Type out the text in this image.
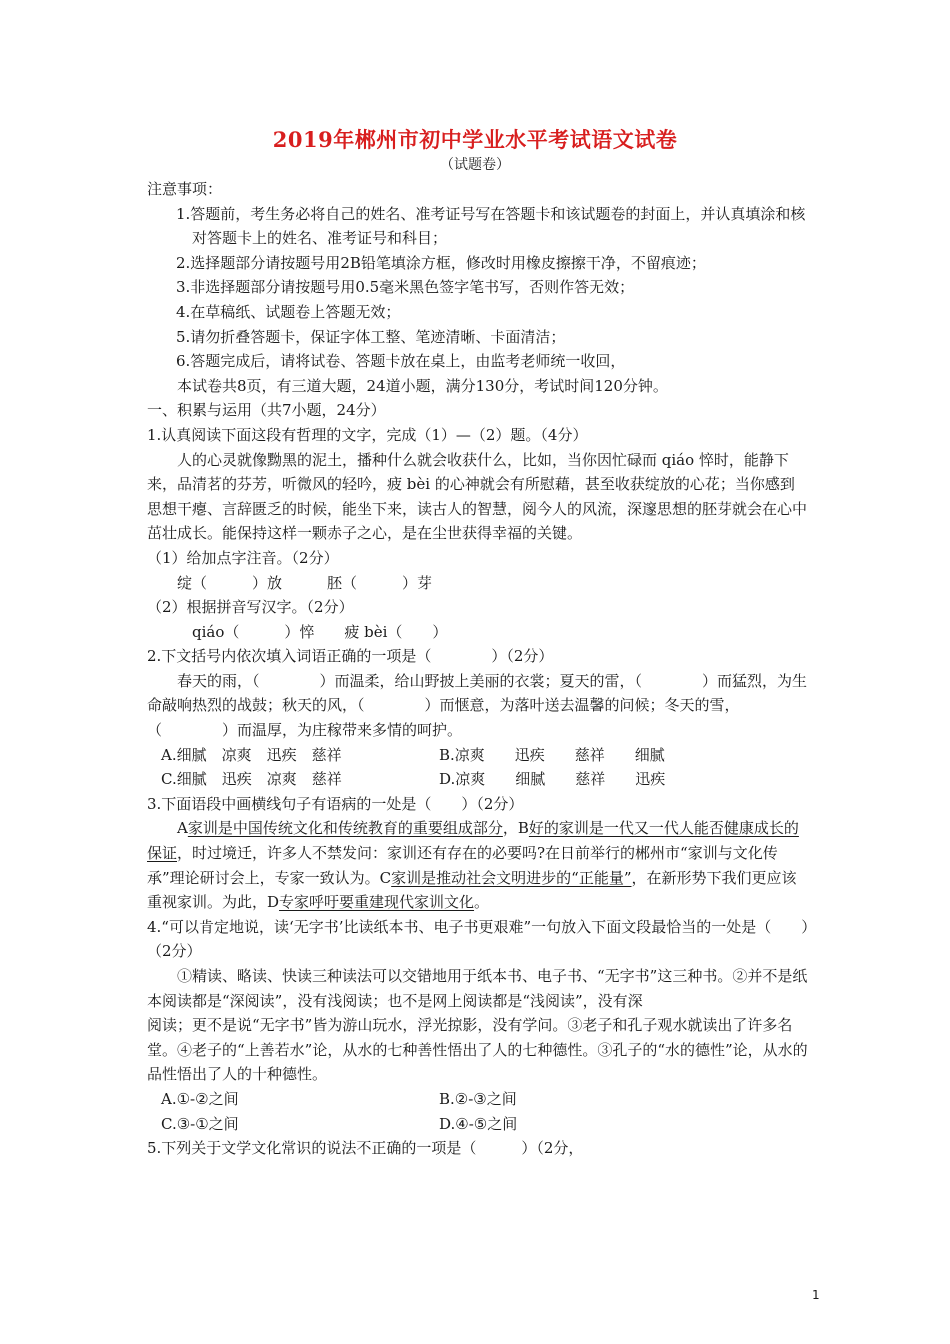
2019年郴州市初中学业水平考试语文试卷
（试题卷）

注意事项：

1.答题前，考生务必将自己的姓名、准考证号写在答题卡和该试题卷的封面上，并认真填涂和核对答题卡上的姓名、准考证号和科目；

2.选择题部分请按题号用2B铅笔填涂方框，修改时用橡皮擦擦干净，不留痕迹；

3.非选择题部分请按题号用0.5毫米黑色签字笔书写，否则作答无效；

4.在草稿纸、试题卷上答题无效；

5.请勿折叠答题卡，保证字体工整、笔迹清晰、卡面清洁；

6.答题完成后，请将试卷、答题卡放在桌上，由监考老师统一收回，

本试卷共8页，有三道大题，24道小题，满分130分，考试时间120分钟。

一、积累与运用（共7小题，24分）

1.认真阅读下面这段有哲理的文字，完成（1）—（2）题。（4分）

人的心灵就像黝黑的泥土，播种什么就会收获什么，比如，当你因忙碌而 qiáo 悴时，能静下来，品清茗的芬芳，听微风的轻吟，疲 bèi 的心神就会有所慰藉，甚至收获绽放的心花；当你感到思想干瘪、言辞匮乏的时候，能坐下来，读古人的智慧，阅今人的风流，深邃思想的胚芽就会在心中茁壮成长。能保持这样一颗赤子之心，是在尘世获得幸福的关键。

（1）给加点字注音。（2分）

绽（　　　）放　　　胚（　　　）芽

（2）根据拼音写汉字。（2分）

qiáo（　　　）悴　　疲 bèi（　　）

2.下文括号内依次填入词语正确的一项是（　　　　）（2分）

春天的雨，（　　　　）而温柔，给山野披上美丽的衣裳；夏天的雷，（　　　　）而猛烈，为生命敲响热烈的战鼓；秋天的风，（　　　　）而惬意，为落叶送去温馨的问候；冬天的雪，（　　　　）而温厚，为庄稼带来多情的呵护。

A.细腻　凉爽　迅疾　慈祥	B.凉爽　　迅疾　　慈祥　　细腻
C.细腻　迅疾　凉爽　慈祥	D.凉爽　　细腻　　慈祥　　迅疾

3.下面语段中画横线句子有语病的一处是（　　）（2分）

A家训是中国传统文化和传统教育的重要组成部分，B好的家训是一代又一代人能否健康成长的保证，时过境迁，许多人不禁发问：家训还有存在的必要吗?在日前举行的郴州市“家训与文化传承”理论研讨会上，专家一致认为。C家训是推动社会文明进步的“正能量”，在新形势下我们更应该重视家训。为此，D专家呼吁要重建现代家训文化。

4.“可以肯定地说，读‘无字书’比读纸本书、电子书更艰难”一句放入下面文段最恰当的一处是（　　）（2分）

①精读、略读、快读三种读法可以交错地用于纸本书、电子书、“无字书”这三种书。②并不是纸本阅读都是“深阅读”，没有浅阅读；也不是网上阅读都是“浅阅读”，没有深

阅读；更不是说“无字书”皆为游山玩水，浮光掠影，没有学问。③老子和孔子观水就读出了许多名堂。④老子的“上善若水”论，从水的七种善性悟出了人的七种德性。③孔子的“水的德性”论，从水的品性悟出了人的十种德性。

A.①-②之间	B.②-③之间
C.③-①之间	D.④-⑤之间

5.下列关于文学文化常识的说法不正确的一项是（　　　）（2分，

1
